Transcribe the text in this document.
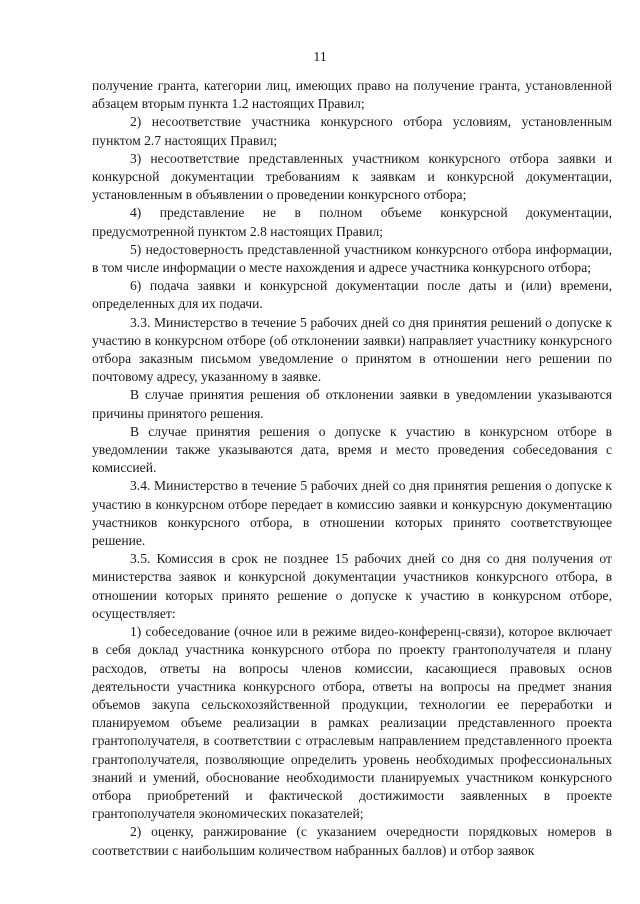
11

получение гранта, категории лиц, имеющих право на получение гранта, установленной абзацем вторым пункта 1.2 настоящих Правил;

2) несоответствие участника конкурсного отбора условиям, установленным пунктом 2.7 настоящих Правил;

3) несоответствие представленных участником конкурсного отбора заявки и конкурсной документации требованиям к заявкам и конкурсной документации, установленным в объявлении о проведении конкурсного отбора;

4) представление не в полном объеме конкурсной документации, предусмотренной пунктом 2.8 настоящих Правил;

5) недостоверность представленной участником конкурсного отбора информации, в том числе информации о месте нахождения и адресе участника конкурсного отбора;

6) подача заявки и конкурсной документации после даты и (или) времени, определенных для их подачи.

3.3. Министерство в течение 5 рабочих дней со дня принятия решений о допуске к участию в конкурсном отборе (об отклонении заявки) направляет участнику конкурсного отбора заказным письмом уведомление о принятом в отношении него решении по почтовому адресу, указанному в заявке.

В случае принятия решения об отклонении заявки в уведомлении указываются причины принятого решения.

В случае принятия решения о допуске к участию в конкурсном отборе в уведомлении также указываются дата, время и место проведения собеседования с комиссией.

3.4. Министерство в течение 5 рабочих дней со дня принятия решения о допуске к участию в конкурсном отборе передает в комиссию заявки и конкурсную документацию участников конкурсного отбора, в отношении которых принято соответствующее решение.

3.5. Комиссия в срок не позднее 15 рабочих дней со дня со дня получения от министерства заявок и конкурсной документации участников конкурсного отбора, в отношении которых принято решение о допуске к участию в конкурсном отборе, осуществляет:

1) собеседование (очное или в режиме видео-конференц-связи), которое включает в себя доклад участника конкурсного отбора по проекту грантополучателя и плану расходов, ответы на вопросы членов комиссии, касающиеся правовых основ деятельности участника конкурсного отбора, ответы на вопросы на предмет знания объемов закупа сельскохозяйственной продукции, технологии ее переработки и планируемом объеме реализации в рамках реализации представленного проекта грантополучателя, в соответствии с отраслевым направлением представленного проекта грантополучателя, позволяющие определить уровень необходимых профессиональных знаний и умений, обоснование необходимости планируемых участником конкурсного отбора приобретений и фактической достижимости заявленных в проекте грантополучателя экономических показателей;

2) оценку, ранжирование (с указанием очередности порядковых номеров в соответствии с наибольшим количеством набранных баллов) и отбор заявок
